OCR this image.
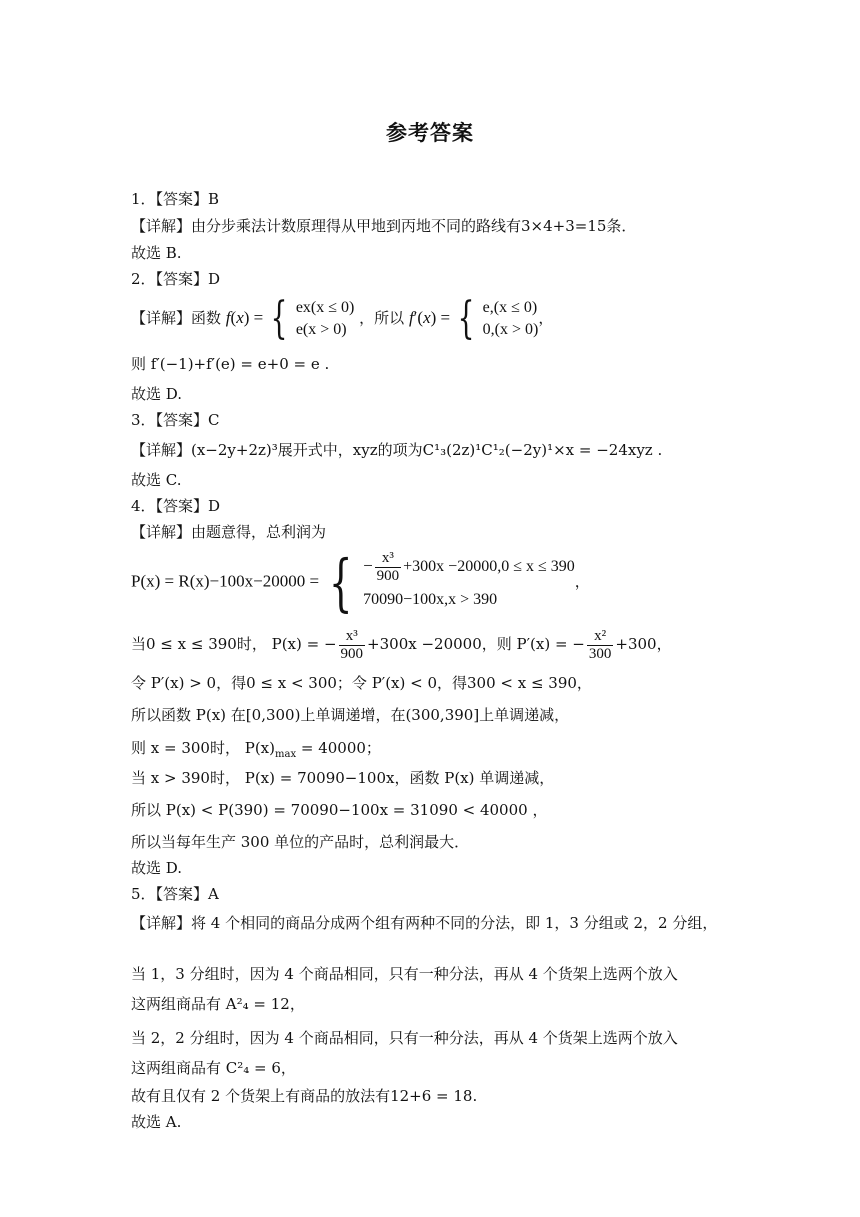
参考答案
1．【答案】B
【详解】由分步乘法计数原理得从甲地到丙地不同的路线有3×4+3=15条．
故选 B.
2．【答案】D
【详解】函数 f(x) = { ex(x ≤ 0)
e(x > 0) ，所以 f′(x) = { e,(x ≤ 0)
0,(x > 0)，
则 f′(−1)+f′(e) = e+0 = e .
故选 D.
3．【答案】C
【详解】(x−2y+2z)³展开式中，xyz的项为C¹₃(2z)¹C¹₂(−2y)¹×x = −24xyz .
故选 C.
4．【答案】D
【详解】由题意得，总利润为
P(x) = R(x)−100x−20000 = { − $\frac{\text{x³}}{900} +300x -20000,0 \le x \le 390$
70090−100x,x > 390，
当0 ≤ x ≤ 390时， P(x) = − $\frac{\text{x³}}{900} +300x -20000$，则 P′(x) = − $\frac{\text{x²}}{300} +300$，
令 P′(x) > 0，得0 ≤ x < 300；令 P′(x) < 0，得300 < x ≤ 390，
所以函数 P(x) 在[0,300)上单调递增，在(300,390]上单调递减，
则 x = 300时， $P(x)_{max} = 40000$；
当 x > 390时， P(x) = 70090−100x，函数 P(x) 单调递减，
所以 P(x) < P(390) = 70090−100x = 31090 < 40000 ，
所以当每年生产 300 单位的产品时，总利润最大．
故选 D.
5．【答案】A
【详解】将 4 个相同的商品分成两个组有两种不同的分法，即 1，3 分组或 2，2 分组，
当 1，3 分组时，因为 4 个商品相同，只有一种分法，再从 4 个货架上选两个放入
这两组商品有 A²₄ = 12，
当 2，2 分组时，因为 4 个商品相同，只有一种分法，再从 4 个货架上选两个放入
这两组商品有 C²₄ = 6，
故有且仅有 2 个货架上有商品的放法有12+6 = 18.
故选 A.
